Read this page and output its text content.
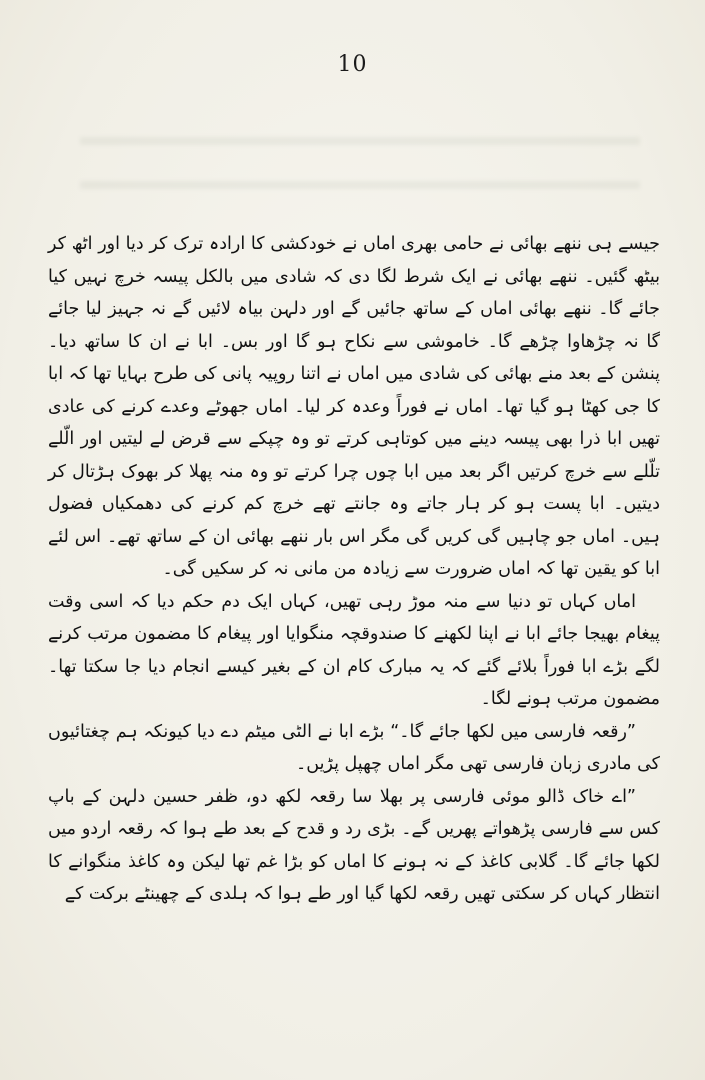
10

جیسے ہی ننھے بھائی نے حامی بھری اماں نے خودکشی کا ارادہ ترک کر دیا اور اٹھ کر بیٹھ گئیں۔ ننھے بھائی نے ایک شرط لگا دی کہ شادی میں بالکل پیسہ خرچ نہیں کیا جائے گا۔ ننھے بھائی اماں کے ساتھ جائیں گے اور دلہن بیاہ لائیں گے نہ جہیز لیا جائے گا نہ چڑھاوا چڑھے گا۔ خاموشی سے نکاح ہو گا اور بس۔ ابا نے ان کا ساتھ دیا۔ پنشن کے بعد منے بھائی کی شادی میں اماں نے اتنا روپیہ پانی کی طرح بہایا تھا کہ ابا کا جی کھٹا ہو گیا تھا۔ اماں نے فوراً وعدہ کر لیا۔ اماں جھوٹے وعدے کرنے کی عادی تھیں ابا ذرا بھی پیسہ دینے میں کوتاہی کرتے تو وہ چپکے سے قرض لے لیتیں اور الّلے تلّلے سے خرچ کرتیں اگر بعد میں ابا چوں چرا کرتے تو وہ منہ پھلا کر بھوک ہڑتال کر دیتیں۔ ابا پست ہو کر ہار جاتے وہ جانتے تھے خرچ کم کرنے کی دھمکیاں فضول ہیں۔ اماں جو چاہیں گی کریں گی مگر اس بار ننھے بھائی ان کے ساتھ تھے۔ اس لئے ابا کو یقین تھا کہ اماں ضرورت سے زیادہ من مانی نہ کر سکیں گی۔

اماں کہاں تو دنیا سے منہ موڑ رہی تھیں، کہاں ایک دم حکم دیا کہ اسی وقت پیغام بھیجا جائے ابا نے اپنا لکھنے کا صندوقچہ منگوایا اور پیغام کا مضمون مرتب کرنے لگے بڑے ابا فوراً بلائے گئے کہ یہ مبارک کام ان کے بغیر کیسے انجام دیا جا سکتا تھا۔ مضمون مرتب ہونے لگا۔

”رقعہ فارسی میں لکھا جائے گا۔“ بڑے ابا نے الٹی میٹم دے دیا کیونکہ ہم چغتائیوں کی مادری زبان فارسی تھی مگر اماں چھپل پڑیں۔

”اے خاک ڈالو موئی فارسی پر بھلا سا رقعہ لکھ دو، ظفر حسین دلہن کے باپ کس سے فارسی پڑھواتے پھریں گے۔ بڑی رد و قدح کے بعد طے ہوا کہ رقعہ اردو میں لکھا جائے گا۔ گلابی کاغذ کے نہ ہونے کا اماں کو بڑا غم تھا لیکن وہ کاغذ منگوانے کا انتظار کہاں کر سکتی تھیں رقعہ لکھا گیا اور طے ہوا کہ ہلدی کے چھینٹے برکت کے
